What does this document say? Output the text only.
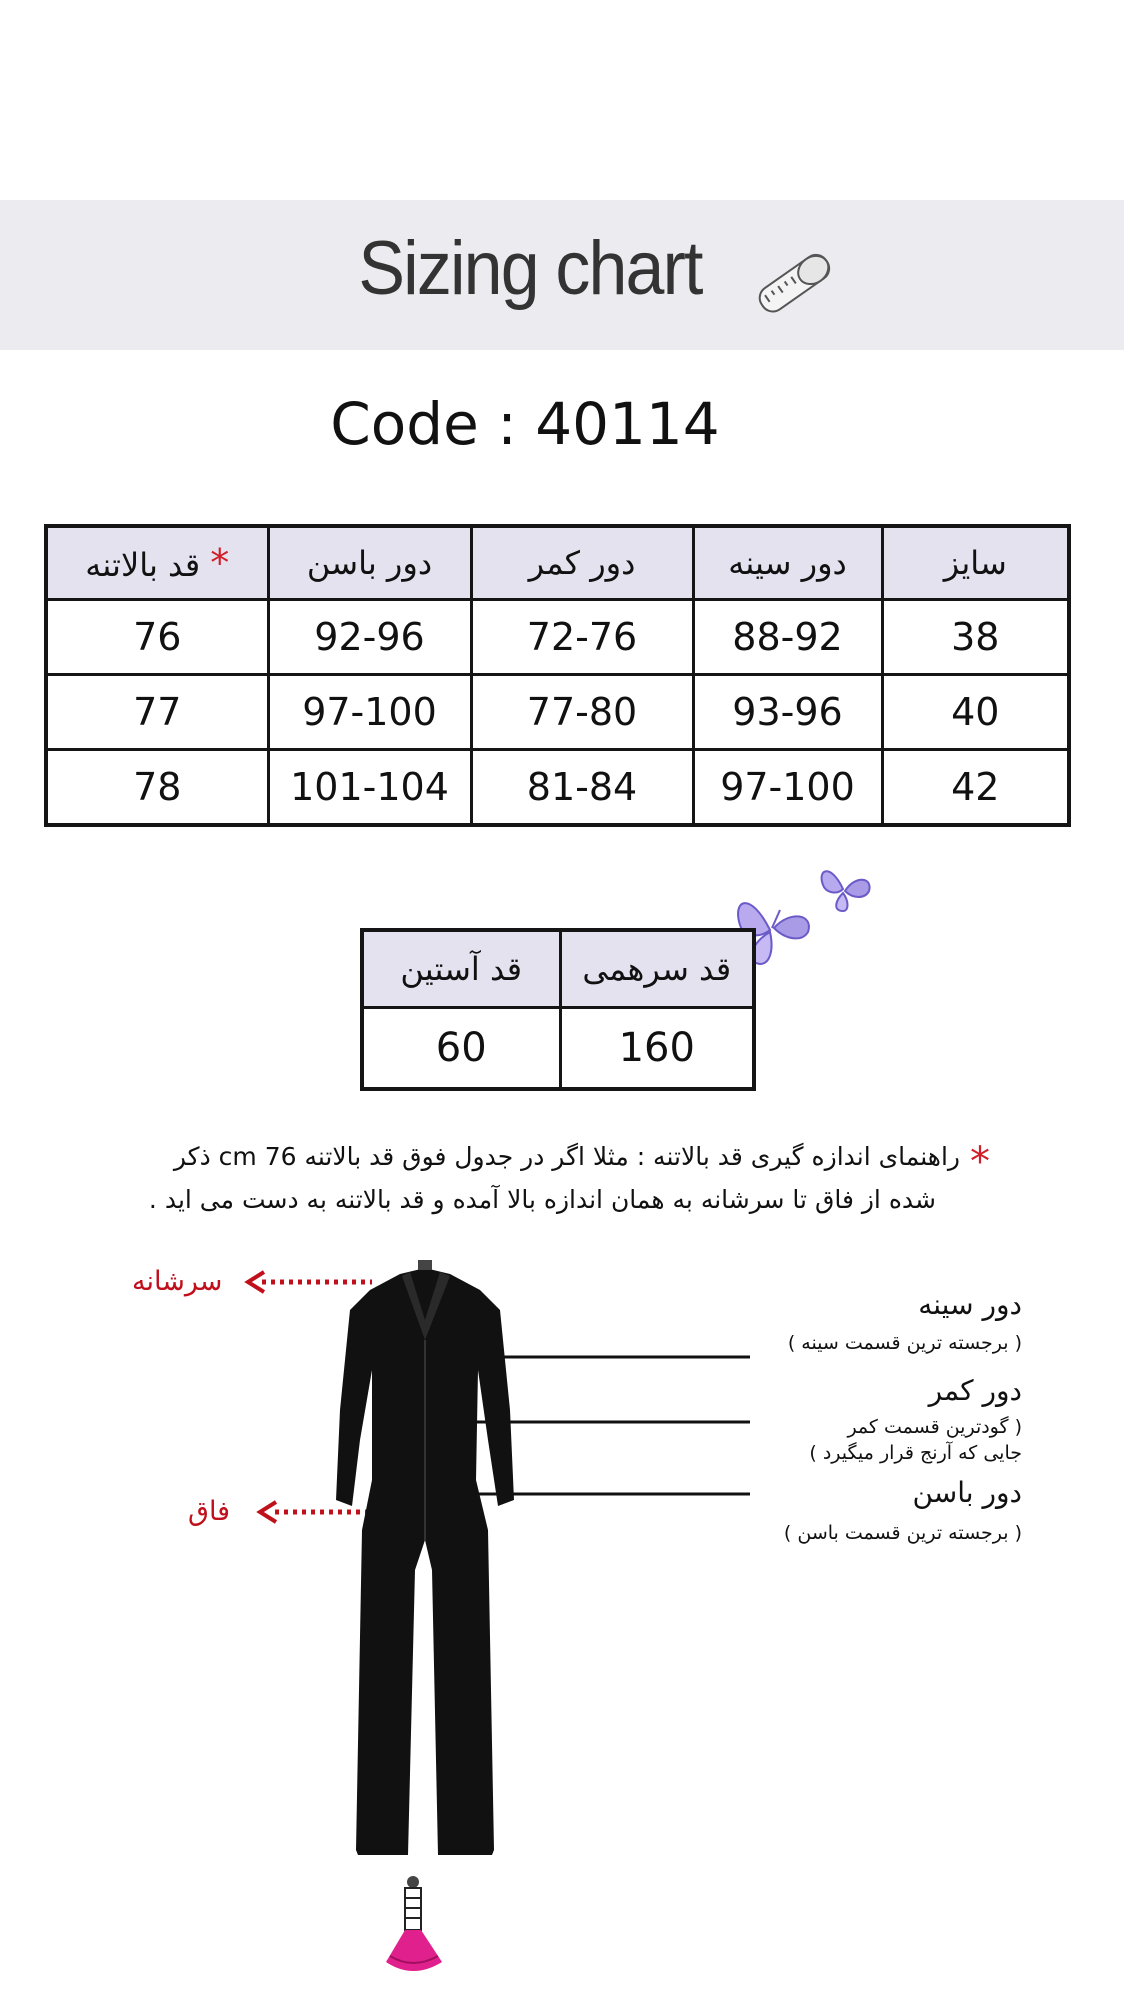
Sizing chart
Code : 40114
قد بالاتنه *	دور باسن	دور کمر	دور سینه	سایز
76	92-96	72-76	88-92	38
77	97-100	77-80	93-96	40
78	101-104	81-84	97-100	42
قد آستین	قد سرهمی
60	160
*راهنمای اندازه گیری قد بالاتنه : مثلا اگر در جدول فوق قد بالاتنه 76 cm ذکر
شده از فاق تا سرشانه به همان اندازه بالا آمده و قد بالاتنه به دست می اید .
سرشانه
فاق
دور سینه
( برجسته ترین قسمت سینه )
دور کمر
( گودترین قسمت کمر
جایی که آرنج قرار میگیرد )
دور باسن
( برجسته ترین قسمت باسن )
